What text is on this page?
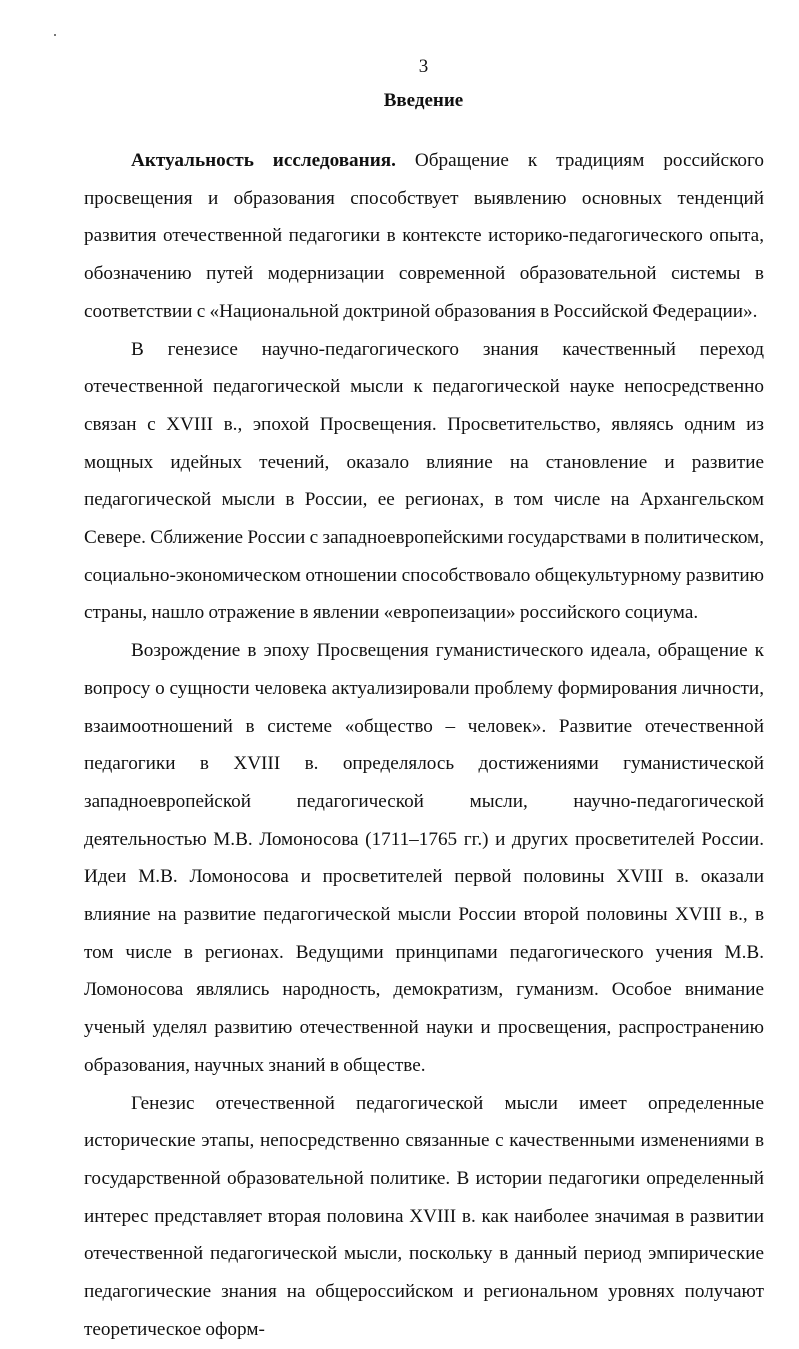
3
Введение

Актуальность исследования. Обращение к традициям российского просвещения и образования способствует выявлению основных тенденций развития отечественной педагогики в контексте историко-педагогического опыта, обозначению путей модернизации современной образовательной системы в соответствии с «Национальной доктриной образования в Российской Федерации».

В генезисе научно-педагогического знания качественный переход отечественной педагогической мысли к педагогической науке непосредственно связан с XVIII в., эпохой Просвещения. Просветительство, являясь одним из мощных идейных течений, оказало влияние на становление и развитие педагогической мысли в России, ее регионах, в том числе на Архангельском Севере. Сближение России с западноевропейскими государствами в политическом, социально-экономическом отношении способствовало общекультурному развитию страны, нашло отражение в явлении «европеизации» российского социума.

Возрождение в эпоху Просвещения гуманистического идеала, обращение к вопросу о сущности человека актуализировали проблему формирования личности, взаимоотношений в системе «общество – человек». Развитие отечественной педагогики в XVIII в. определялось достижениями гуманистической западноевропейской педагогической мысли, научно-педагогической деятельностью М.В. Ломоносова (1711–1765 гг.) и других просветителей России. Идеи М.В. Ломоносова и просветителей первой половины XVIII в. оказали влияние на развитие педагогической мысли России второй половины XVIII в., в том числе в регионах. Ведущими принципами педагогического учения М.В. Ломоносова являлись народность, демократизм, гуманизм. Особое внимание ученый уделял развитию отечественной науки и просвещения, распространению образования, научных знаний в обществе.

Генезис отечественной педагогической мысли имеет определенные исторические этапы, непосредственно связанные с качественными изменениями в государственной образовательной политике. В истории педагогики определенный интерес представляет вторая половина XVIII в. как наиболее значимая в развитии отечественной педагогической мысли, поскольку в данный период эмпирические педагогические знания на общероссийском и региональном уровнях получают теоретическое оформ-
